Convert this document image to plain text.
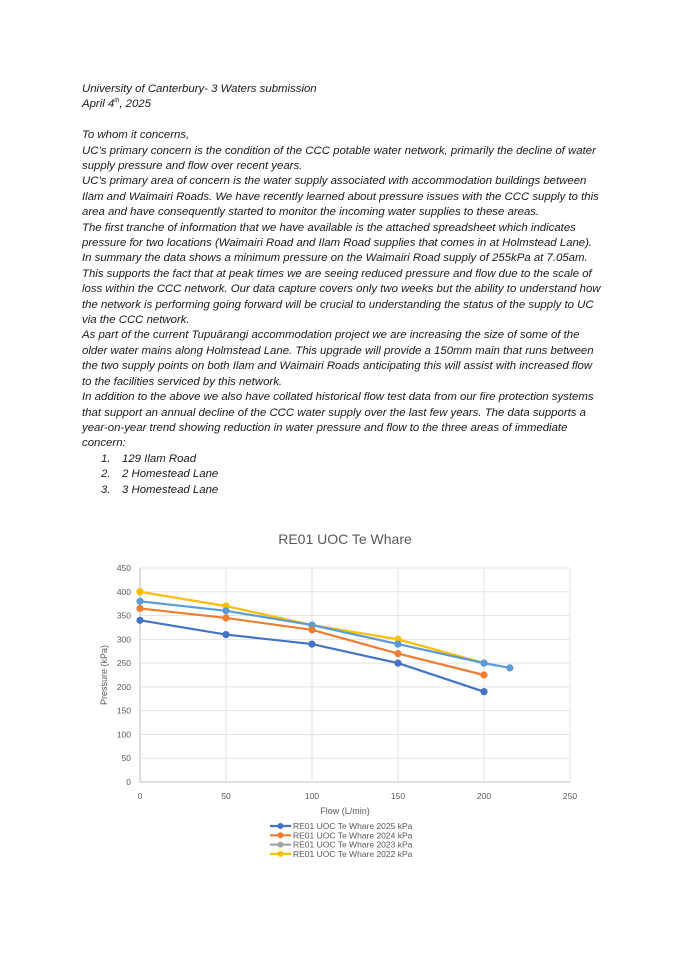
University of Canterbury- 3 Waters submission

April 4th, 2025

To whom it concerns,

UC’s primary concern is the condition of the CCC potable water network, primarily the decline of water supply pressure and flow over recent years.

UC’s primary area of concern is the water supply associated with accommodation buildings between Ilam and Waimairi Roads. We have recently learned about pressure issues with the CCC supply to this area and have consequently started to monitor the incoming water supplies to these areas.

The first tranche of information that we have available is the attached spreadsheet which indicates pressure for two locations (Waimairi Road and Ilam Road supplies that comes in at Holmstead Lane). In summary the data shows a minimum pressure on the Waimairi Road supply of 255kPa at 7.05am. This supports the fact that at peak times we are seeing reduced pressure and flow due to the scale of loss within the CCC network. Our data capture covers only two weeks but the ability to understand how the network is performing going forward will be crucial to understanding the status of the supply to UC via the CCC network.

As part of the current Tupuārangi accommodation project we are increasing the size of some of the older water mains along Holmstead Lane. This upgrade will provide a 150mm main that runs between the two supply points on both Ilam and Waimairi Roads anticipating this will assist with increased flow to the facilities serviced by this network.

In addition to the above we also have collated historical flow test data from our fire protection systems that support an annual decline of the CCC water supply over the last few years. The data supports a year-on-year trend showing reduction in water pressure and flow to the three areas of immediate concern:

1. 129 Ilam Road
2. 2 Homestead Lane
3. 3 Homestead Lane
RE01 UOC Te Whare
0
50
100
150
200
250
300
350
400
450
0	50	100	150	200	250
Flow (L/min)
Pressure (kPa)
RE01 UOC Te Whare 2025 kPa
RE01 UOC Te Whare 2024 kPa
RE01 UOC Te Whare 2023 kPa
RE01 UOC Te Whare 2022 kPa
